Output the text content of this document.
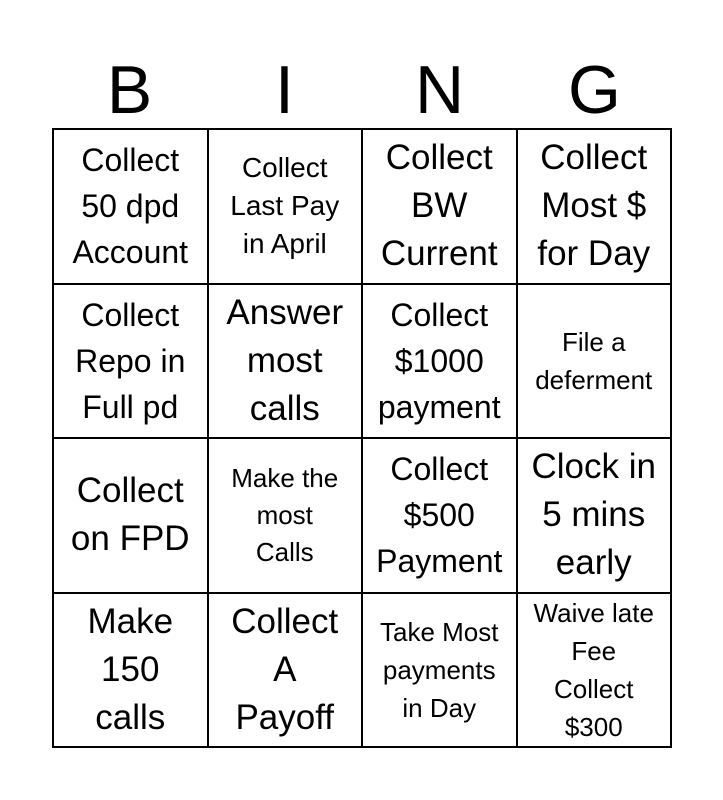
B	I	N	G
Collect
50 dpd
Account
Collect
Last Pay
in April
Collect
BW
Current
Collect
Most $
for Day
Collect
Repo in
Full pd
Answer
most
calls
Collect
$1000
payment
File a
deferment
Collect
on FPD
Make the
most
Calls
Collect
$500
Payment
Clock in
5 mins
early
Make
150
calls
Collect
A
Payoff
Take Most
payments
in Day
Waive late
Fee
Collect
$300
